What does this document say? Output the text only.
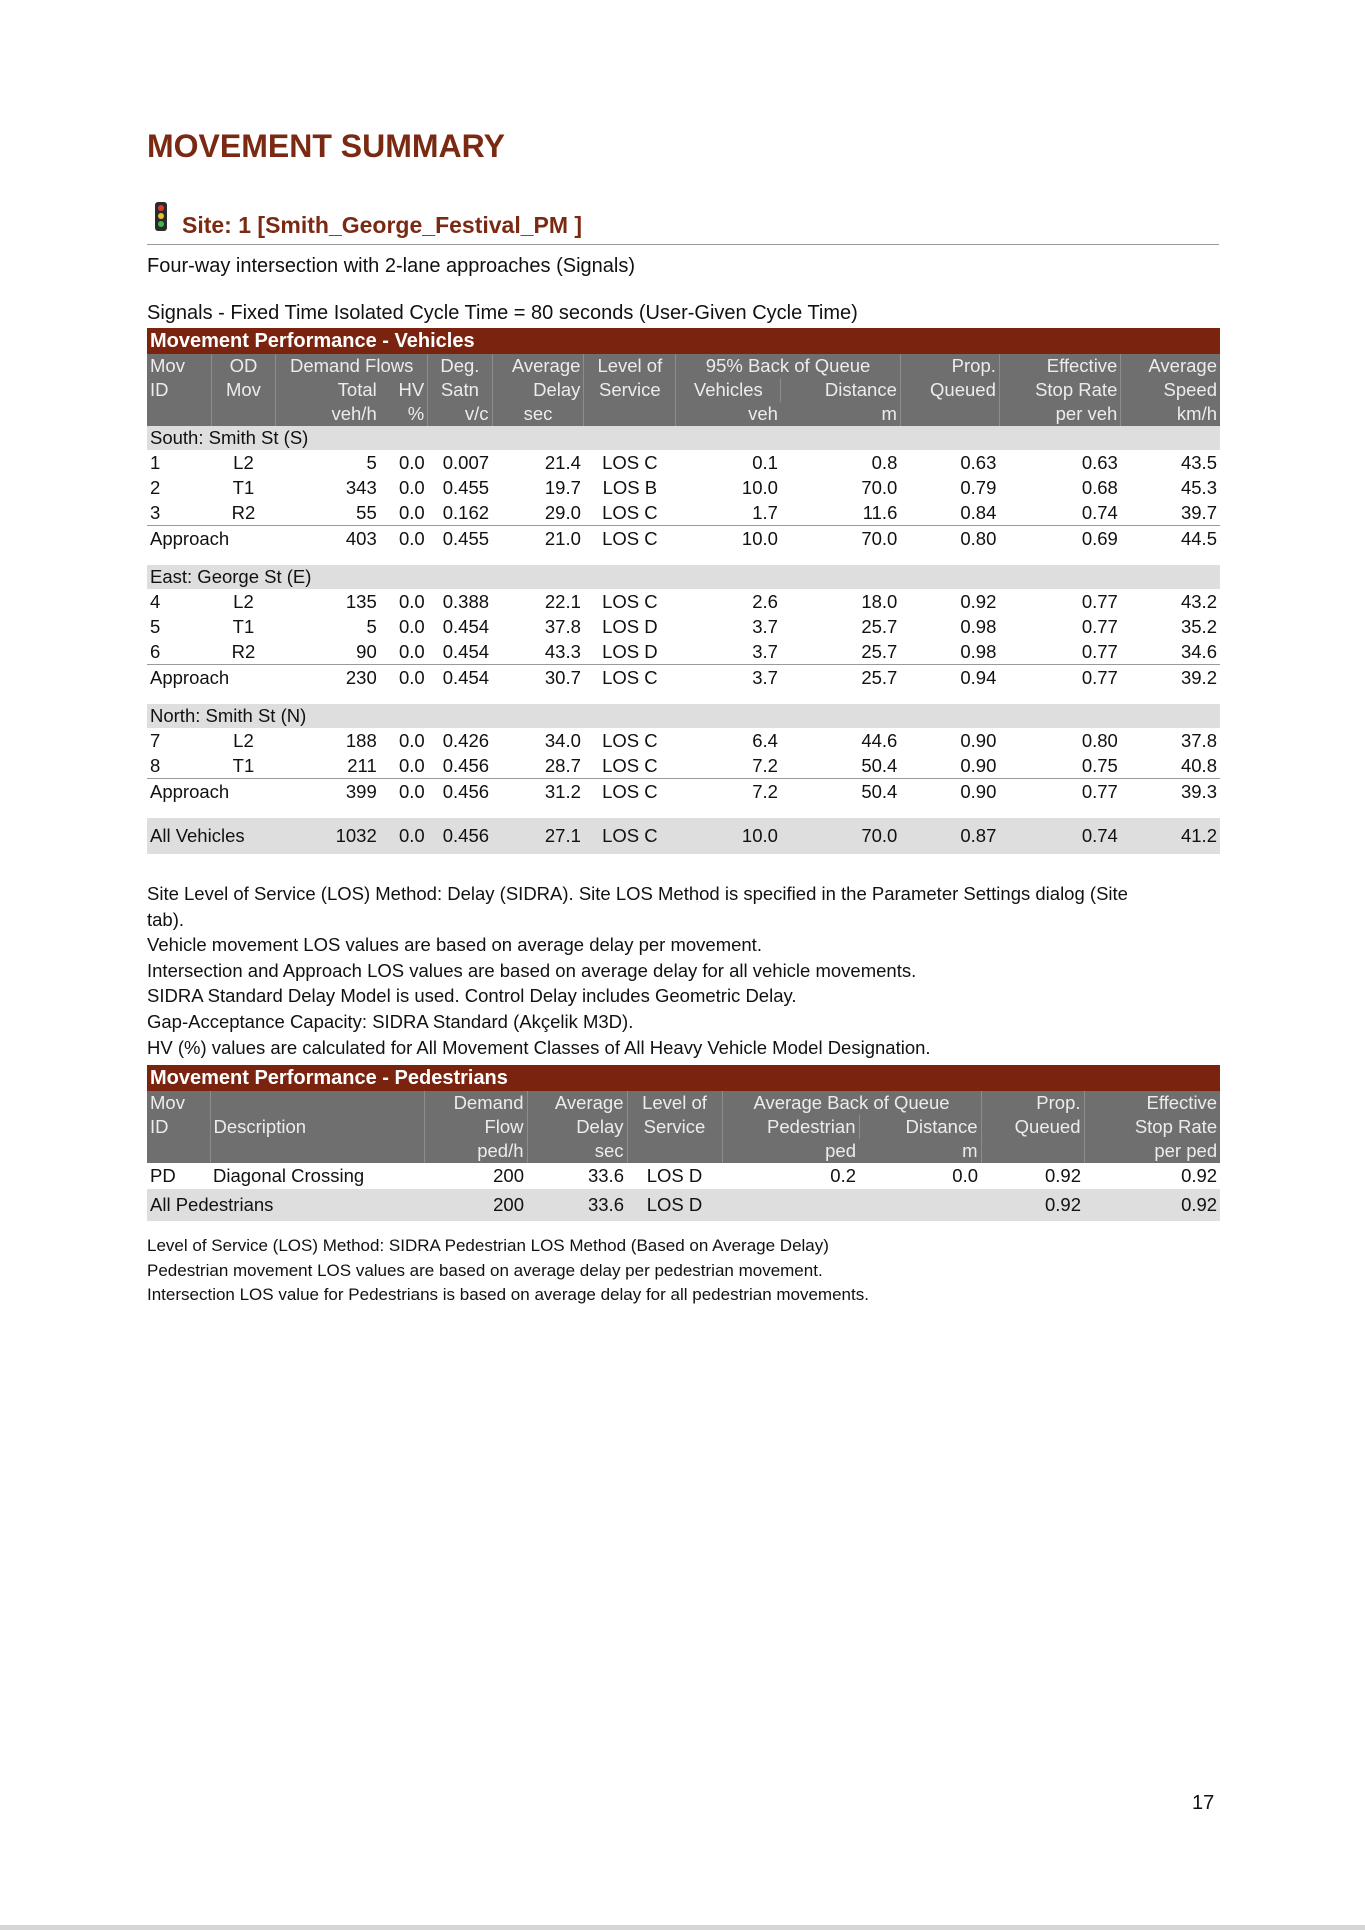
MOVEMENT SUMMARY
Site: 1 [Smith_George_Festival_PM ]
Four-way intersection with 2-lane approaches (Signals)
Signals - Fixed Time Isolated Cycle Time = 80 seconds (User-Given Cycle Time)
Movement Performance - Vehicles											
Mov	OD	Demand Flows		Deg.	Average	Level of	95% Back of Queue		Prop.	Effective	Average
ID	Mov	Total	HV	Satn	Delay	Service	Vehicles	Distance	Queued	Stop Rate	Speed
		veh/h	%	v/c	sec		veh	m		per veh	km/h
South: Smith St (S)											
1	L2	5	0.0	0.007	21.4	LOS C	0.1	0.8	0.63	0.63	43.5
2	T1	343	0.0	0.455	19.7	LOS B	10.0	70.0	0.79	0.68	45.3
3	R2	55	0.0	0.162	29.0	LOS C	1.7	11.6	0.84	0.74	39.7
Approach		403	0.0	0.455	21.0	LOS C	10.0	70.0	0.80	0.69	44.5

East: George St (E)											
4	L2	135	0.0	0.388	22.1	LOS C	2.6	18.0	0.92	0.77	43.2
5	T1	5	0.0	0.454	37.8	LOS D	3.7	25.7	0.98	0.77	35.2
6	R2	90	0.0	0.454	43.3	LOS D	3.7	25.7	0.98	0.77	34.6
Approach		230	0.0	0.454	30.7	LOS C	3.7	25.7	0.94	0.77	39.2

North: Smith St (N)											
7	L2	188	0.0	0.426	34.0	LOS C	6.4	44.6	0.90	0.80	37.8
8	T1	211	0.0	0.456	28.7	LOS C	7.2	50.4	0.90	0.75	40.8
Approach		399	0.0	0.456	31.2	LOS C	7.2	50.4	0.90	0.77	39.3

All Vehicles		1032	0.0	0.456	27.1	LOS C	10.0	70.0	0.87	0.74	41.2
Site Level of Service (LOS) Method: Delay (SIDRA). Site LOS Method is specified in the Parameter Settings dialog (Site
tab).
Vehicle movement LOS values are based on average delay per movement.
Intersection and Approach LOS values are based on average delay for all vehicle movements.
SIDRA Standard Delay Model is used. Control Delay includes Geometric Delay.
Gap-Acceptance Capacity: SIDRA Standard (Akçelik M3D).
HV (%) values are calculated for All Movement Classes of All Heavy Vehicle Model Designation.
Movement Performance - Pedestrians								
Mov		Demand	Average	Level of	Average Back of Queue		Prop.	Effective
ID	Description	Flow	Delay	Service	Pedestrian	Distance	Queued	Stop Rate
		ped/h	sec		ped	m		per ped
PD	Diagonal Crossing	200	33.6	LOS D	0.2	0.0	0.92	0.92
All Pedestrians		200	33.6	LOS D			0.92	0.92
Level of Service (LOS) Method: SIDRA Pedestrian LOS Method (Based on Average Delay)
Pedestrian movement LOS values are based on average delay per pedestrian movement.
Intersection LOS value for Pedestrians is based on average delay for all pedestrian movements.
17
